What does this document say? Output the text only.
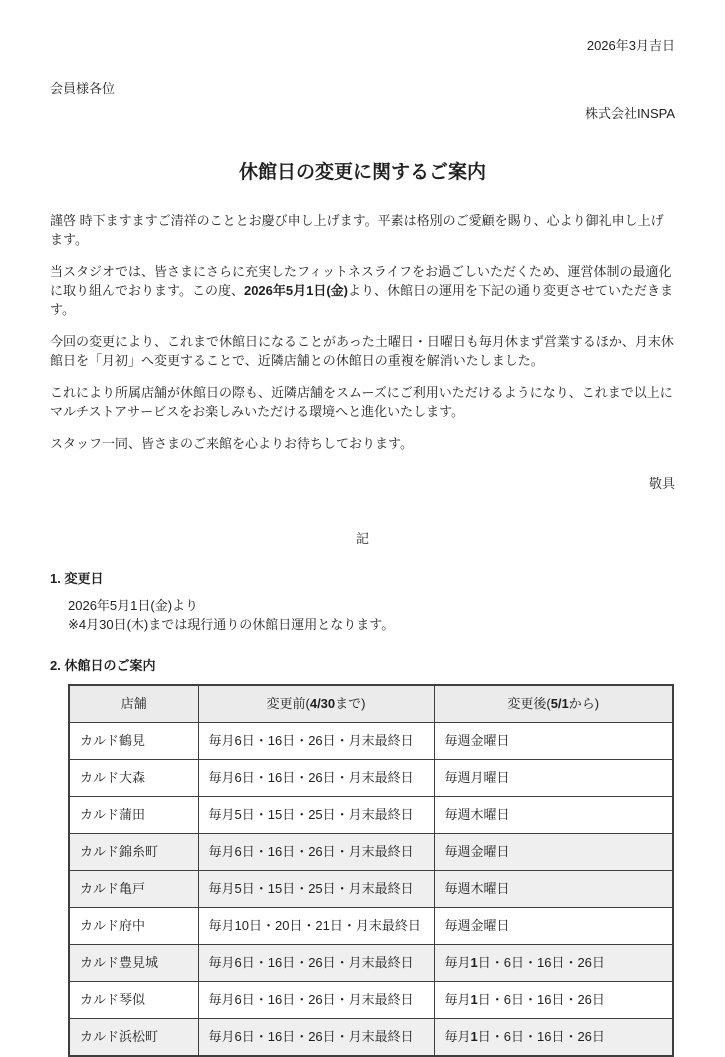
2026年3月吉日
会員様各位
株式会社INSPA
休館日の変更に関するご案内

謹啓 時下ますますご清祥のこととお慶び申し上げます。平素は格別のご愛顧を賜り、心より御礼申し上げます。

当スタジオでは、皆さまにさらに充実したフィットネスライフをお過ごしいただくため、運営体制の最適化に取り組んでおります。この度、2026年5月1日(金)より、休館日の運用を下記の通り変更させていただきます。

今回の変更により、これまで休館日になることがあった土曜日・日曜日も毎月休まず営業するほか、月末休館日を「月初」へ変更することで、近隣店舗との休館日の重複を解消いたしました。

これにより所属店舗が休館日の際も、近隣店舗をスムーズにご利用いただけるようになり、これまで以上にマルチストアサービスをお楽しみいただける環境へと進化いたします。

スタッフ一同、皆さまのご来館を心よりお待ちしております。

敬具
記
1. 変更日
2026年5月1日(金)より
※4月30日(木)までは現行通りの休館日運用となります。
2. 休館日のご案内
店舗	変更前(4/30まで)	変更後(5/1から)
カルド鶴見	毎月6日・16日・26日・月末最終日	毎週金曜日
カルド大森	毎月6日・16日・26日・月末最終日	毎週月曜日
カルド蒲田	毎月5日・15日・25日・月末最終日	毎週木曜日
カルド錦糸町	毎月6日・16日・26日・月末最終日	毎週金曜日
カルド亀戸	毎月5日・15日・25日・月末最終日	毎週木曜日
カルド府中	毎月10日・20日・21日・月末最終日	毎週金曜日
カルド豊見城	毎月6日・16日・26日・月末最終日	毎月1日・6日・16日・26日
カルド琴似	毎月6日・16日・26日・月末最終日	毎月1日・6日・16日・26日
カルド浜松町	毎月6日・16日・26日・月末最終日	毎月1日・6日・16日・26日
